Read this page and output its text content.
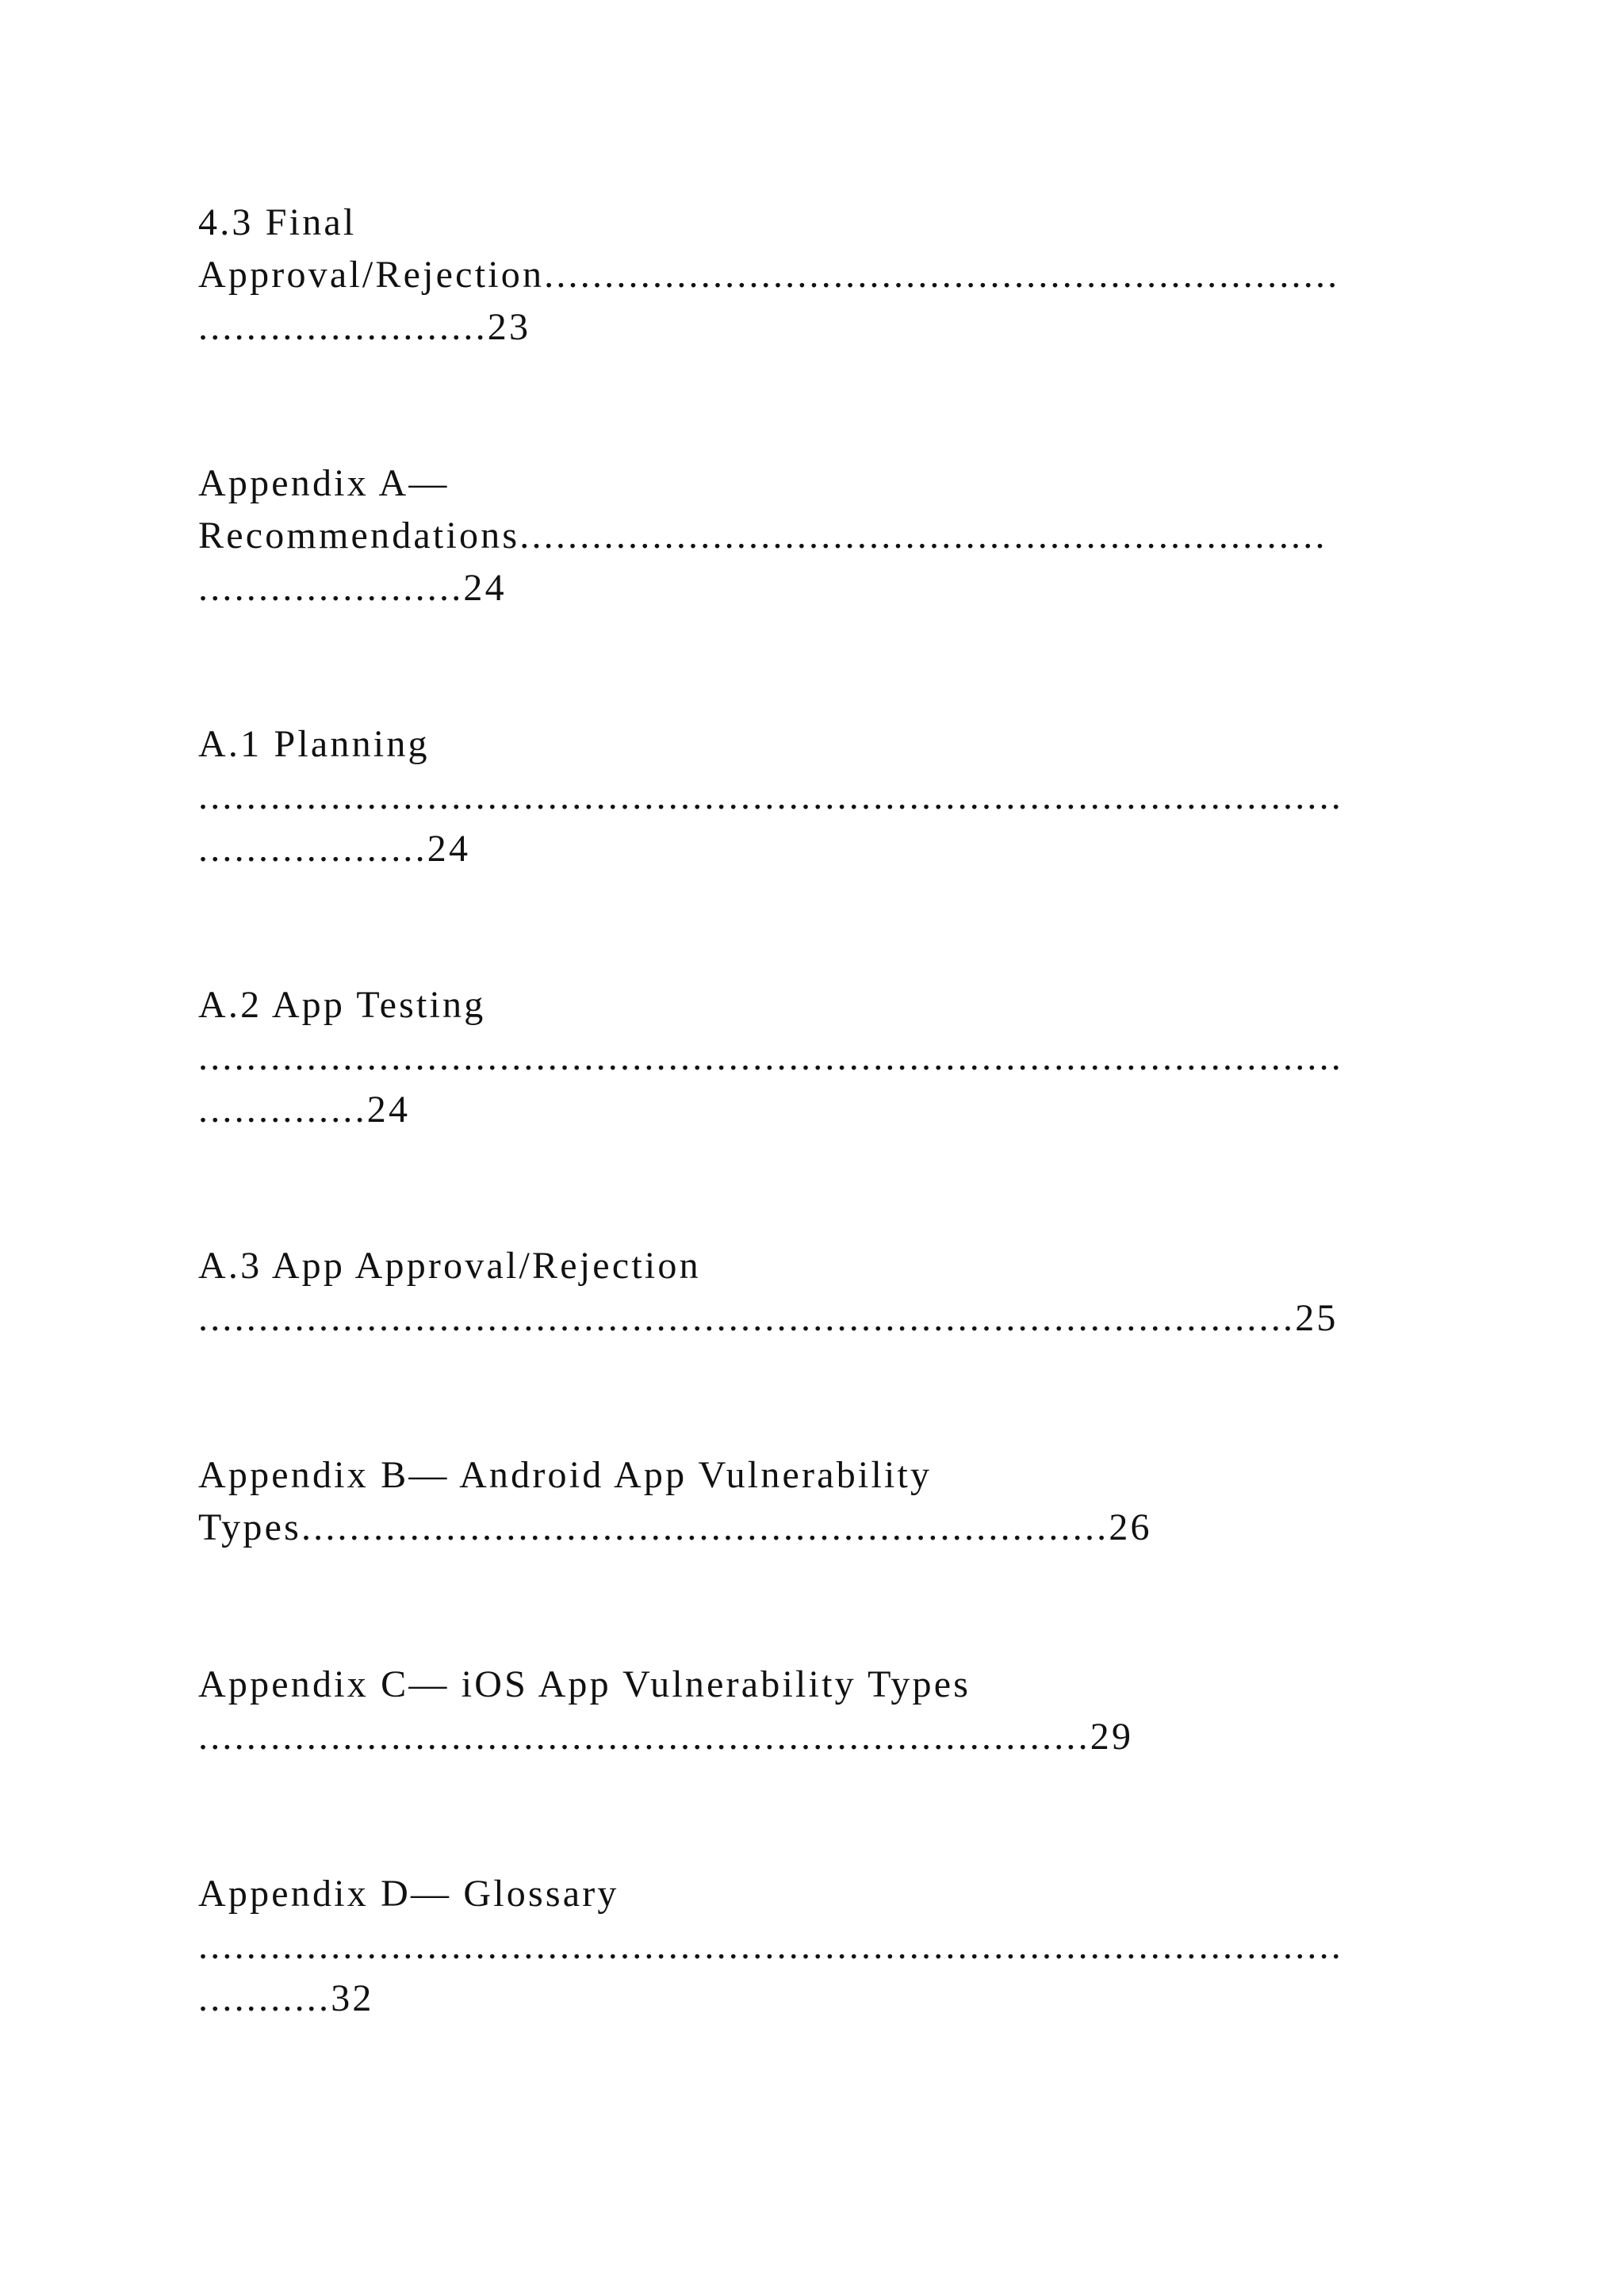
4.3 Final
Approval/Rejection..................................................................
........................23
Appendix A—
Recommendations...................................................................
......................24
A.1 Planning
...............................................................................................
...................24
A.2 App Testing
...............................................................................................
..............24
A.3 App Approval/Rejection
...........................................................................................25
Appendix B— Android App Vulnerability
Types...................................................................26
Appendix C— iOS App Vulnerability Types
..........................................................................29
Appendix D— Glossary
...............................................................................................
...........32
